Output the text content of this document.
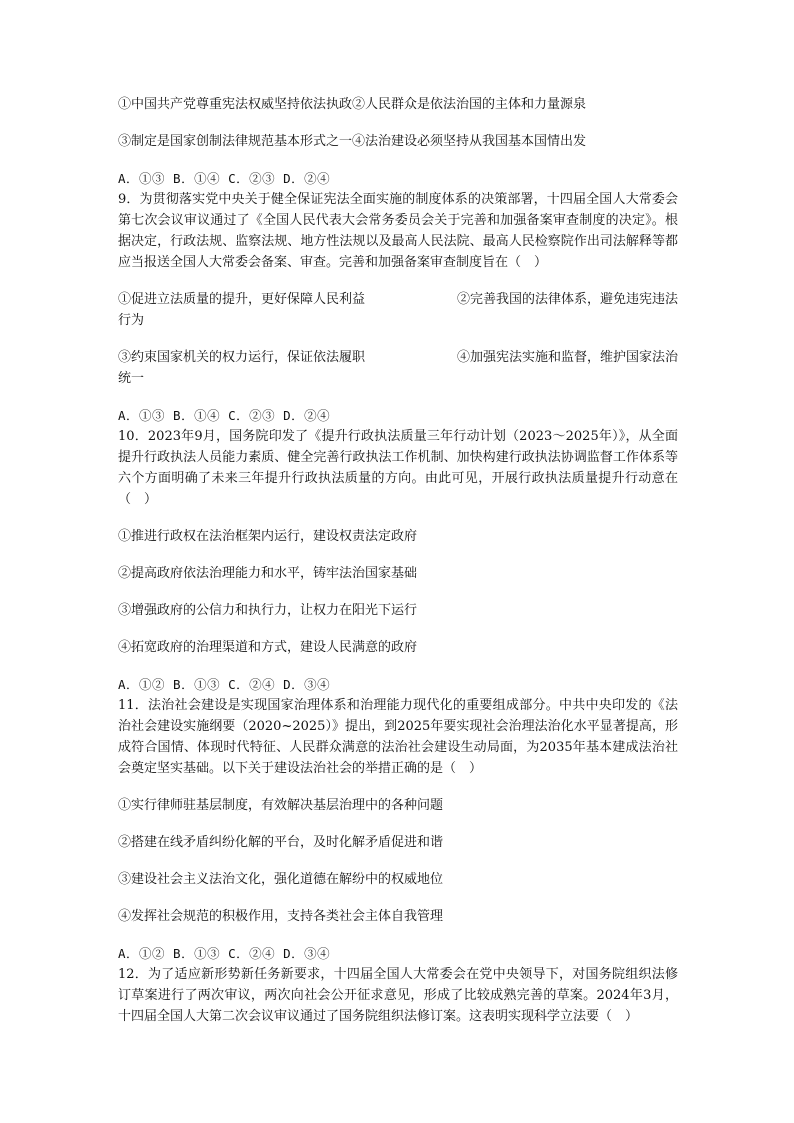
①中国共产党尊重宪法权威坚持依法执政②人民群众是依法治国的主体和力量源泉
③制定是国家创制法律规范基本形式之一④法治建设必须坚持从我国基本国情出发
A．①③ B．①④ C．②③ D．②④
9．为贯彻落实党中央关于健全保证宪法全面实施的制度体系的决策部署，十四届全国人大常委会第七次会议审议通过了《全国人民代表大会常务委员会关于完善和加强备案审查制度的决定》。根据决定，行政法规、监察法规、地方性法规以及最高人民法院、最高人民检察院作出司法解释等都应当报送全国人大常委会备案、审查。完善和加强备案审查制度旨在（　）
①促进立法质量的提升，更好保障人民利益	②完善我国的法律体系，避免违宪违法
行为
③约束国家机关的权力运行，保证依法履职	④加强宪法实施和监督，维护国家法治
统一
A．①③ B．①④ C．②③ D．②④
10．2023年9月，国务院印发了《提升行政执法质量三年行动计划（2023～2025年）》，从全面提升行政执法人员能力素质、健全完善行政执法工作机制、加快构建行政执法协调监督工作体系等六个方面明确了未来三年提升行政执法质量的方向。由此可见，开展行政执法质量提升行动意在（　）
①推进行政权在法治框架内运行，建设权责法定政府
②提高政府依法治理能力和水平，铸牢法治国家基础
③增强政府的公信力和执行力，让权力在阳光下运行
④拓宽政府的治理渠道和方式，建设人民满意的政府
A．①② B．①③ C．②④ D．③④
11．法治社会建设是实现国家治理体系和治理能力现代化的重要组成部分。中共中央印发的《法治社会建设实施纲要（2020~2025）》提出，到2025年要实现社会治理法治化水平显著提高，形成符合国情、体现时代特征、人民群众满意的法治社会建设生动局面，为2035年基本建成法治社会奠定坚实基础。以下关于建设法治社会的举措正确的是（　）
①实行律师驻基层制度，有效解决基层治理中的各种问题
②搭建在线矛盾纠纷化解的平台，及时化解矛盾促进和谐
③建设社会主义法治文化，强化道德在解纷中的权威地位
④发挥社会规范的积极作用，支持各类社会主体自我管理
A．①② B．①③ C．②④ D．③④
12．为了适应新形势新任务新要求，十四届全国人大常委会在党中央领导下，对国务院组织法修订草案进行了两次审议，两次向社会公开征求意见，形成了比较成熟完善的草案。2024年3月，十四届全国人大第二次会议审议通过了国务院组织法修订案。这表明实现科学立法要（　）
